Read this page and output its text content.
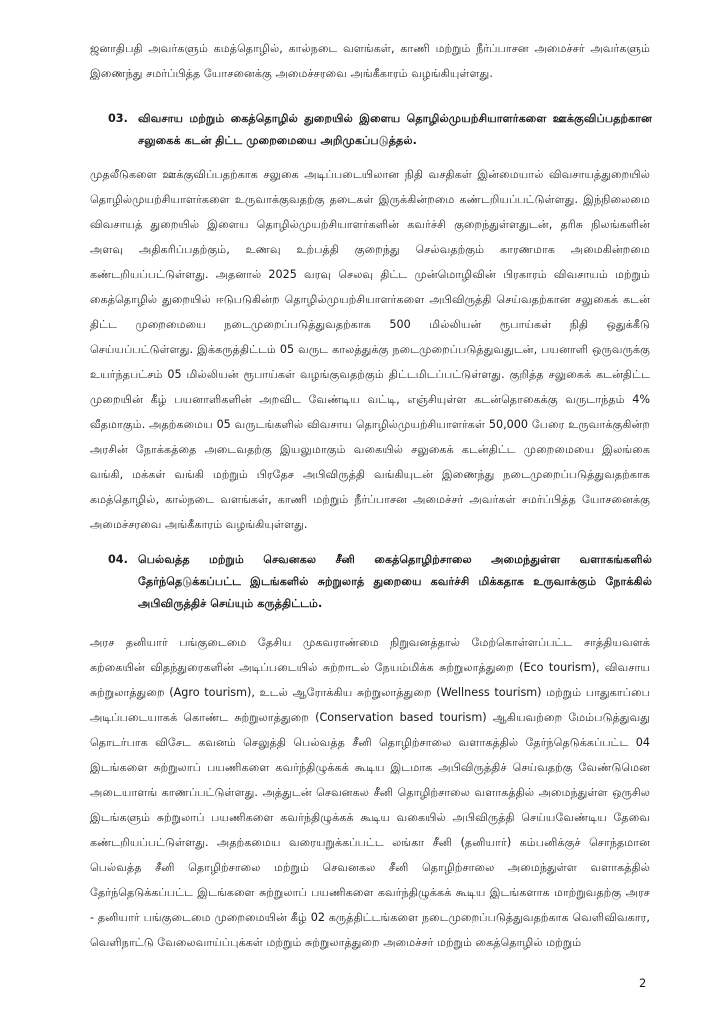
ஜனாதிபதி அவர்களும் கமத்தொழில், கால்நடை வளங்கள், காணி மற்றும் நீர்ப்பாசன அமைச்சர் அவர்களும் இணைந்து சமர்ப்பித்த யோசனைக்கு அமைச்சரவை அங்கீகாரம் வழங்கியுள்ளது.

03. விவசாய மற்றும் கைத்தொழில் துறையில் இளைய தொழில்முயற்சியாளர்களை ஊக்குவிப்பதற்கான சலுகைக் கடன் திட்ட முறைமையை அறிமுகப்படுத்தல்.

முதலீடுகளை ஊக்குவிப்பதற்காக சலுகை அடிப்படையிலான நிதி வசதிகள் இன்மையால் விவசாயத்துறையில் தொழில்முயற்சியாளர்களை உருவாக்குவதற்கு தடைகள் இருக்கின்றமை கண்டறியப்பட்டுள்ளது. இந்நிலைமை விவசாயத் துறையில் இளைய தொழில்முயற்சியாளர்களின் கவர்ச்சி குறைந்துள்ளதுடன், தரிசு நிலங்களின் அளவு அதிகரிப்பதற்கும், உணவு உற்பத்தி குறைந்து செல்வதற்கும் காரணமாக அமைகின்றமை கண்டறியப்பட்டுள்ளது. அதனால் 2025 வரவு செலவு திட்ட முன்மொழிவின் பிரகாரம் விவசாயம் மற்றும் கைத்தொழில் துறையில் ஈடுபடுகின்ற தொழில்முயற்சியாளர்களை அபிவிருத்தி செய்வதற்கான சலுகைக் கடன் திட்ட முறைமையை நடைமுறைப்படுத்துவதற்காக 500 மில்லியன் ரூபாய்கள் நிதி ஒதுக்கீடு செய்யப்பட்டுள்ளது. இக்கருத்திட்டம் 05 வருட காலத்துக்கு நடைமுறைப்படுத்துவதுடன், பயனாளி ஒருவருக்கு உயர்ந்தபட்சம் 05 மில்லியன் ரூபாய்கள் வழங்குவதற்கும் திட்டமிடப்பட்டுள்ளது. குறித்த சலுகைக் கடன்திட்ட முறையின் கீழ் பயனாளிகளின் அறவிட வேண்டிய வட்டி, எஞ்சியுள்ள கடன்தொகைக்கு வருடாந்தம் 4% வீதமாகும். அதற்கமைய 05 வருடங்களில் விவசாய தொழில்முயற்சியாளர்கள் 50,000 பேரை உருவாக்குகின்ற அரசின் நோக்கத்தை அடைவதற்கு இயலுமாகும் வகையில் சலுகைக் கடன்திட்ட முறைமையை இலங்கை வங்கி, மக்கள் வங்கி மற்றும் பிரதேச அபிவிருத்தி வங்கியுடன் இணைந்து நடைமுறைப்படுத்துவதற்காக கமத்தொழில், கால்நடை வளங்கள், காணி மற்றும் நீர்ப்பாசன அமைச்சர் அவர்கள் சமர்ப்பித்த யோசனைக்கு அமைச்சரவை அங்கீகாரம் வழங்கியுள்ளது.

04. பெல்வத்த மற்றும் செவனகல சீனி கைத்தொழிற்சாலை அமைந்துள்ள வளாகங்களில் தேர்ந்தெடுக்கப்பட்ட இடங்களில் சுற்றுலாத் துறையை கவர்ச்சி மிக்கதாக உருவாக்கும் நோக்கில் அபிவிருத்திச் செய்யும் கருத்திட்டம்.

அரச தனியார் பங்குடைமை தேசிய முகவராண்மை நிறுவனத்தால் மேற்கொள்ளப்பட்ட சாத்தியவளக் கற்கையின் விதந்துரைகளின் அடிப்படையில் சுற்றாடல் நேயம்மிக்க சுற்றுலாத்துறை (Eco tourism), விவசாய சுற்றுலாத்துறை (Agro tourism), உடல் ஆரோக்கிய சுற்றுலாத்துறை (Wellness tourism) மற்றும் பாதுகாப்பை அடிப்படையாகக் கொண்ட சுற்றுலாத்துறை (Conservation based tourism) ஆகியவற்றை மேம்படுத்துவது தொடர்பாக விசேட கவனம் செலுத்தி பெல்வத்த சீனி தொழிற்சாலை வளாகத்தில் தேர்ந்தெடுக்கப்பட்ட 04 இடங்களை சுற்றுலாப் பயணிகளை கவர்ந்திழுக்கக் கூடிய இடமாக அபிவிருத்திச் செய்வதற்கு வேண்டுமென அடையாளங் காணப்பட்டுள்ளது. அத்துடன் செவனகல சீனி தொழிற்சாலை வளாகத்தில் அமைந்துள்ள ஒருசில இடங்களும் சுற்றுலாப் பயணிகளை கவர்ந்திழுக்கக் கூடிய வகையில் அபிவிருத்தி செய்யவேண்டிய தேவை கண்டறியப்பட்டுள்ளது. அதற்கமைய வரையறுக்கப்பட்ட லங்கா சீனி (தனியார்) கம்பனிக்குச் சொந்தமான பெல்வத்த சீனி தொழிற்சாலை மற்றும் செவனகல சீனி தொழிற்சாலை அமைந்துள்ள வளாகத்தில் தேர்ந்தெடுக்கப்பட்ட இடங்களை சுற்றுலாப் பயணிகளை கவர்ந்திழுக்கக் கூடிய இடங்களாக மாற்றுவதற்கு அரச - தனியார் பங்குடைமை முறைமையின் கீழ் 02 கருத்திட்டங்களை நடைமுறைப்படுத்துவதற்காக வெளிவிவகார, வெளிநாட்டு வேலைவாய்ப்புக்கள் மற்றும் சுற்றுலாத்துறை அமைச்சர் மற்றும் கைத்தொழில் மற்றும்

2
